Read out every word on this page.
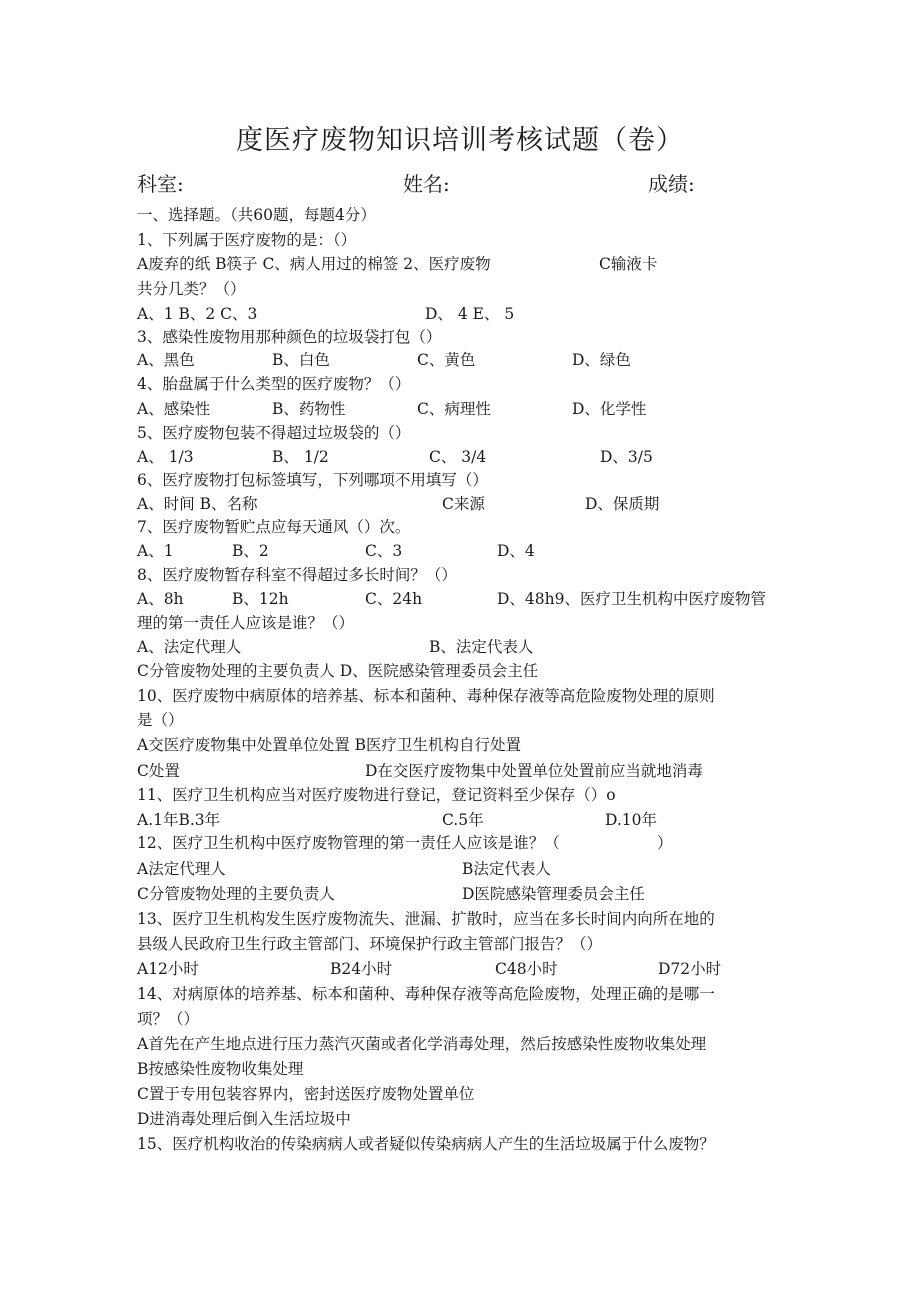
度医疗废物知识培训考核试题（卷）
科室:	姓名:	成绩:
一、选择题。（共60题，每题4分）
1、下列属于医疗废物的是：（）
A废弃的纸 B筷子 C、病人用过的棉签 2、医疗废物	C输液卡
共分几类？（）
A、1 B、2 C、3	D、 4 E、 5
3、感染性废物用那种颜色的垃圾袋打包（）
A、黑色	B、白色	C、黄色	D、绿色
4、胎盘属于什么类型的医疗废物？（）
A、感染性	B、药物性	C、病理性	D、化学性
5、医疗废物包装不得超过垃圾袋的（）
A、 1/3	B、 1/2	C、 3/4	D、3/5
6、医疗废物打包标签填写，下列哪项不用填写（）
A、时间 B、名称	C来源	D、保质期
7、医疗废物暂贮点应每天通风（）次。
A、1	B、2	C、3	D、4
8、医疗废物暂存科室不得超过多长时间？（）
A、8h	B、12h	C、24h	D、48h9、医疗卫生机构中医疗废物管
理的第一责任人应该是谁？（）
A、法定代理人	B、法定代表人
C分管废物处理的主要负责人 D、医院感染管理委员会主任
10、医疗废物中病原体的培养基、标本和菌种、毒种保存液等高危险废物处理的原则
是（）
A交医疗废物集中处置单位处置 B医疗卫生机构自行处置
C处置	D在交医疗废物集中处置单位处置前应当就地消毒
11、医疗卫生机构应当对医疗废物进行登记，登记资料至少保存（）o
A.1年B.3年	C.5年	D.10年
12、医疗卫生机构中医疗废物管理的第一责任人应该是谁？（	）
A法定代理人	B法定代表人
C分管废物处理的主要负责人	D医院感染管理委员会主任
13、医疗卫生机构发生医疗废物流失、泄漏、扩散时，应当在多长时间内向所在地的
县级人民政府卫生行政主管部门、环境保护行政主管部门报告？（）
A12小时	B24小时	C48小时	D72小时
14、对病原体的培养基、标本和菌种、毒种保存液等高危险废物，处理正确的是哪一
项？（）
A首先在产生地点进行压力蒸汽灭菌或者化学消毒处理，然后按感染性废物收集处理
B按感染性废物收集处理
C置于专用包装容界内，密封送医疗废物处置单位
D进消毒处理后倒入生活垃圾中
15、医疗机构收治的传染病病人或者疑似传染病病人产生的生活垃圾属于什么废物？
